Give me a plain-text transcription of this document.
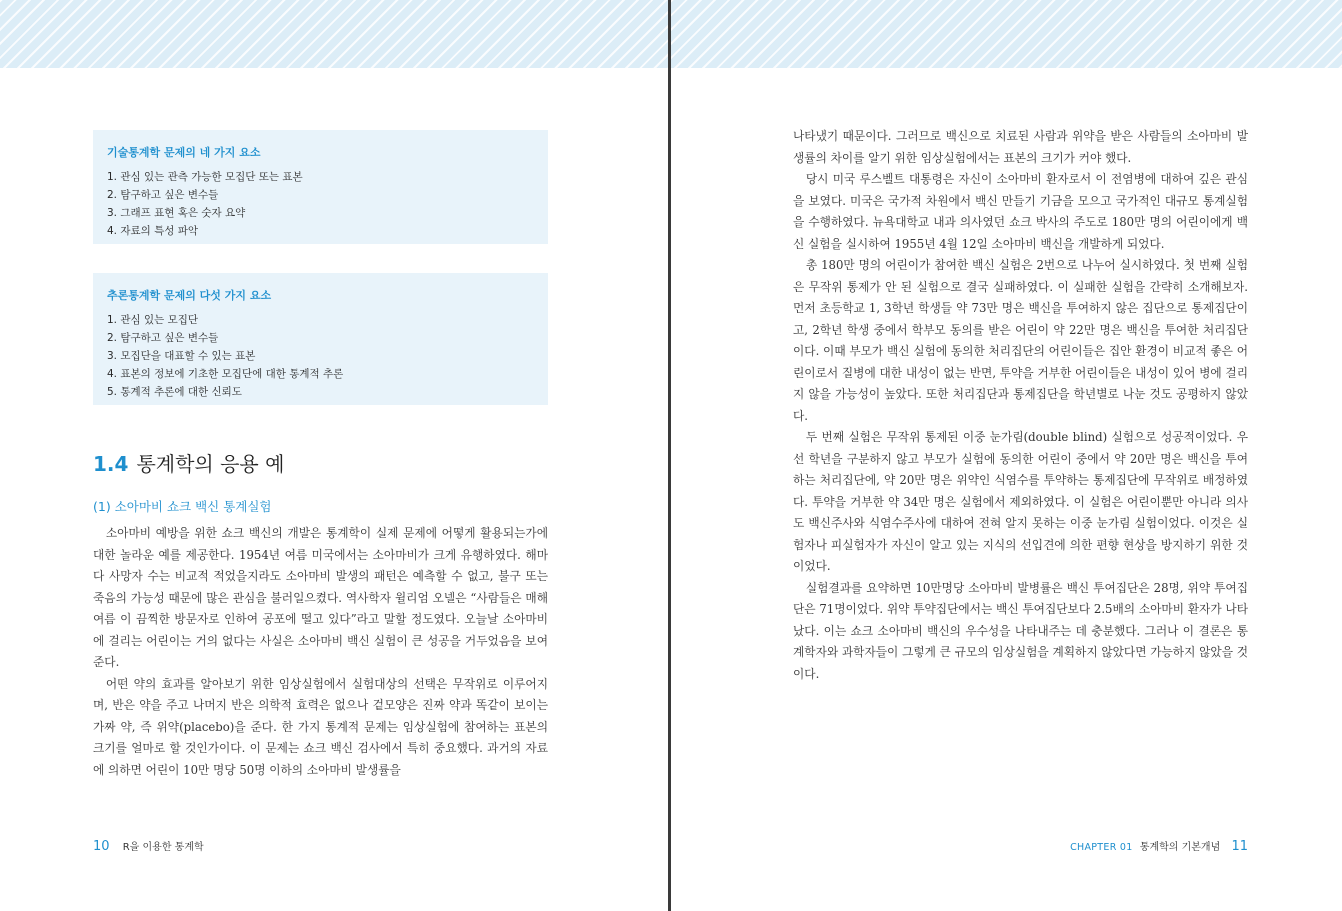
기술통계학 문제의 네 가지 요소
1. 관심 있는 관측 가능한 모집단 또는 표본
2. 탐구하고 싶은 변수들
3. 그래프 표현 혹은 숫자 요약
4. 자료의 특성 파악
추론통계학 문제의 다섯 가지 요소
1. 관심 있는 모집단
2. 탐구하고 싶은 변수들
3. 모집단을 대표할 수 있는 표본
4. 표본의 정보에 기초한 모집단에 대한 통계적 추론
5. 통계적 추론에 대한 신뢰도
1.4 통계학의 응용 예
(1) 소아마비 쇼크 백신 통계실험

소아마비 예방을 위한 쇼크 백신의 개발은 통계학이 실제 문제에 어떻게 활용되는가에 대한 놀라운 예를 제공한다. 1954년 여름 미국에서는 소아마비가 크게 유행하였다. 해마다 사망자 수는 비교적 적었을지라도 소아마비 발생의 패턴은 예측할 수 없고, 불구 또는 죽음의 가능성 때문에 많은 관심을 불러일으켰다. 역사학자 윌리엄 오넬은 “사람들은 매해 여름 이 끔찍한 방문자로 인하여 공포에 떨고 있다”라고 말할 정도였다. 오늘날 소아마비에 걸리는 어린이는 거의 없다는 사실은 소아마비 백신 실험이 큰 성공을 거두었음을 보여 준다.

어떤 약의 효과를 알아보기 위한 임상실험에서 실험대상의 선택은 무작위로 이루어지며, 반은 약을 주고 나머지 반은 의학적 효력은 없으나 겉모양은 진짜 약과 똑같이 보이는 가짜 약, 즉 위약(placebo)을 준다. 한 가지 통계적 문제는 임상실험에 참여하는 표본의 크기를 얼마로 할 것인가이다. 이 문제는 쇼크 백신 검사에서 특히 중요했다. 과거의 자료에 의하면 어린이 10만 명당 50명 이하의 소아마비 발생률을

10 R을 이용한 통계학

나타냈기 때문이다. 그러므로 백신으로 치료된 사람과 위약을 받은 사람들의 소아마비 발생률의 차이를 알기 위한 임상실험에서는 표본의 크기가 커야 했다.

당시 미국 루스벨트 대통령은 자신이 소아마비 환자로서 이 전염병에 대하여 깊은 관심을 보였다. 미국은 국가적 차원에서 백신 만들기 기금을 모으고 국가적인 대규모 통계실험을 수행하였다. 뉴욕대학교 내과 의사였던 쇼크 박사의 주도로 180만 명의 어린이에게 백신 실험을 실시하여 1955년 4월 12일 소아마비 백신을 개발하게 되었다.

총 180만 명의 어린이가 참여한 백신 실험은 2번으로 나누어 실시하였다. 첫 번째 실험은 무작위 통제가 안 된 실험으로 결국 실패하였다. 이 실패한 실험을 간략히 소개해보자. 먼저 초등학교 1, 3학년 학생들 약 73만 명은 백신을 투여하지 않은 집단으로 통제집단이고, 2학년 학생 중에서 학부모 동의를 받은 어린이 약 22만 명은 백신을 투여한 처리집단이다. 이때 부모가 백신 실험에 동의한 처리집단의 어린이들은 집안 환경이 비교적 좋은 어린이로서 질병에 대한 내성이 없는 반면, 투약을 거부한 어린이들은 내성이 있어 병에 걸리지 않을 가능성이 높았다. 또한 처리집단과 통제집단을 학년별로 나눈 것도 공평하지 않았다.

두 번째 실험은 무작위 통제된 이중 눈가림(double blind) 실험으로 성공적이었다. 우선 학년을 구분하지 않고 부모가 실험에 동의한 어린이 중에서 약 20만 명은 백신을 투여하는 처리집단에, 약 20만 명은 위약인 식염수를 투약하는 통제집단에 무작위로 배정하였다. 투약을 거부한 약 34만 명은 실험에서 제외하였다. 이 실험은 어린이뿐만 아니라 의사도 백신주사와 식염수주사에 대하여 전혀 알지 못하는 이중 눈가림 실험이었다. 이것은 실험자나 피실험자가 자신이 알고 있는 지식의 선입견에 의한 편향 현상을 방지하기 위한 것이었다.

실험결과를 요약하면 10만명당 소아마비 발병률은 백신 투여집단은 28명, 위약 투여집단은 71명이었다. 위약 투약집단에서는 백신 투여집단보다 2.5배의 소아마비 환자가 나타났다. 이는 쇼크 소아마비 백신의 우수성을 나타내주는 데 충분했다. 그러나 이 결론은 통계학자와 과학자들이 그렇게 큰 규모의 임상실험을 계획하지 않았다면 가능하지 않았을 것이다.

CHAPTER 01 통계학의 기본개념 11
